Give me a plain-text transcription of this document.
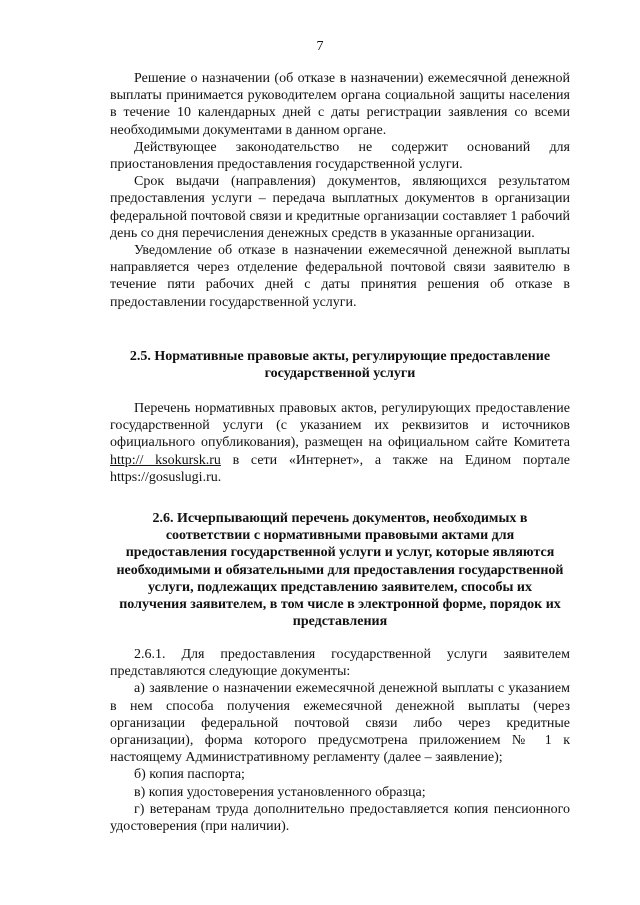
7

Решение о назначении (об отказе в назначении) ежемесячной денежной выплаты принимается руководителем органа социальной защиты населения в течение 10 календарных дней с даты регистрации заявления со всеми необходимыми документами в данном органе.

Действующее законодательство не содержит оснований для приостановления предоставления государственной услуги.

Срок выдачи (направления) документов, являющихся результатом предоставления услуги – передача выплатных документов в организации федеральной почтовой связи и кредитные организации составляет 1 рабочий день со дня перечисления денежных средств в указанные организации.

Уведомление об отказе в назначении ежемесячной денежной выплаты направляется через отделение федеральной почтовой связи заявителю в течение пяти рабочих дней с даты принятия решения об отказе в предоставлении государственной услуги.

2.5. Нормативные правовые акты, регулирующие предоставление
государственной услуги

Перечень нормативных правовых актов, регулирующих предоставление государственной услуги (с указанием их реквизитов и источников официального опубликования), размещен на официальном сайте Комитета http:// ksokursk.ru в сети «Интернет», а также на Едином портале https://gosuslugi.ru.

2.6. Исчерпывающий перечень документов, необходимых в
соответствии с нормативными правовыми актами для
предоставления государственной услуги и услуг, которые являются
необходимыми и обязательными для предоставления государственной
услуги, подлежащих представлению заявителем, способы их
получения заявителем, в том числе в электронной форме, порядок их
представления

2.6.1. Для предоставления государственной услуги заявителем представляются следующие документы:

а) заявление о назначении ежемесячной денежной выплаты с указанием в нем способа получения ежемесячной денежной выплаты (через организации федеральной почтовой связи либо через кредитные организации), форма которого предусмотрена приложением № 1 к настоящему Административному регламенту (далее – заявление);

б) копия паспорта;

в) копия удостоверения установленного образца;

г) ветеранам труда дополнительно предоставляется копия пенсионного удостоверения (при наличии).
